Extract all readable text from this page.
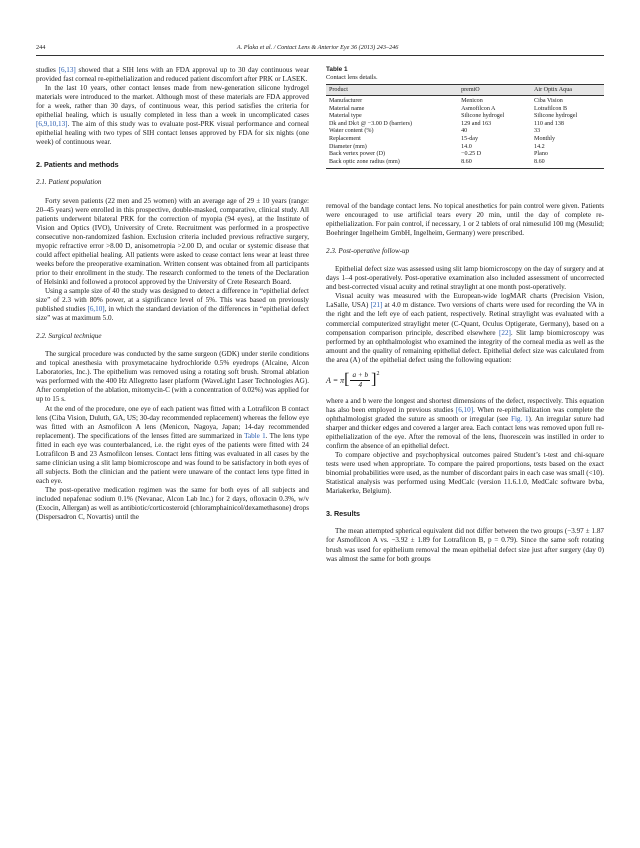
244	A. Plaka et al. / Contact Lens & Anterior Eye 36 (2013) 243–246

studies [6,13] showed that a SIH lens with an FDA approval up to 30 day continuous wear provided fast corneal re-epithelialization and reduced patient discomfort after PRK or LASEK.

In the last 10 years, other contact lenses made from new-generation silicone hydrogel materials were introduced to the market. Although most of these materials are FDA approved for a week, rather than 30 days, of continuous wear, this period satisfies the criteria for epithelial healing, which is usually completed in less than a week in uncomplicated cases [6,9,10,13]. The aim of this study was to evaluate post-PRK visual performance and corneal epithelial healing with two types of SIH contact lenses approved by FDA for six nights (one week) of continuous wear.

2. Patients and methods

2.1. Patient population

Forty seven patients (22 men and 25 women) with an average age of 29 ± 10 years (range: 20–45 years) were enrolled in this prospective, double-masked, comparative, clinical study. All patients underwent bilateral PRK for the correction of myopia (94 eyes), at the Institute of Vision and Optics (IVO), University of Crete. Recruitment was performed in a prospective consecutive non-randomized fashion. Exclusion criteria included previous refractive surgery, myopic refractive error >8.00 D, anisometropia >2.00 D, and ocular or systemic disease that could affect epithelial healing. All patients were asked to cease contact lens wear at least three weeks before the preoperative examination. Written consent was obtained from all participants prior to their enrollment in the study. The research conformed to the tenets of the Declaration of Helsinki and followed a protocol approved by the University of Crete Research Board.

Using a sample size of 40 the study was designed to detect a difference in “epithelial defect size” of 2.3 with 80% power, at a significance level of 5%. This was based on previously published studies [6,10], in which the standard deviation of the differences in “epithelial defect size” was at maximum 5.0.

2.2. Surgical technique

The surgical procedure was conducted by the same surgeon (GDK) under sterile conditions and topical anesthesia with proxymetacaine hydrochloride 0.5% eyedrops (Alcaine, Alcon Laboratories, Inc.). The epithelium was removed using a rotating soft brush. Stromal ablation was performed with the 400 Hz Allegretto laser platform (WaveLight Laser Technologies AG). After completion of the ablation, mitomycin-C (with a concentration of 0.02%) was applied for up to 15 s.

At the end of the procedure, one eye of each patient was fitted with a Lotrafilcon B contact lens (Ciba Vision, Duluth, GA, US; 30-day recommended replacement) whereas the fellow eye was fitted with an Asmofilcon A lens (Menicon, Nagoya, Japan; 14-day recommended replacement). The specifications of the lenses fitted are summarized in Table 1. The lens type fitted in each eye was counterbalanced, i.e. the right eyes of the patients were fitted with 24 Lotrafilcon B and 23 Asmofilcon lenses. Contact lens fitting was evaluated in all cases by the same clinician using a slit lamp biomicroscope and was found to be satisfactory in both eyes of all subjects. Both the clinician and the patient were unaware of the contact lens type fitted in each eye.

The post-operative medication regimen was the same for both eyes of all subjects and included nepafenac sodium 0.1% (Nevanac, Alcon Lab Inc.) for 2 days, ofloxacin 0.3%, w/v (Exocin, Allergan) as well as antibiotic/corticosteroid (chloramphainicol/dexamethasone) drops (Dispersadron C, Novartis) until the

Table 1
Contact lens details.
Product	premiO	Air Optix Aqua
Manufacturer	Menicon	Ciba Vision
Material name	Asmofilcon A	Lotrafilcon B
Material type	Silicone hydrogel	Silicone hydrogel
Dk and Dk/t @ −3.00 D (barriers)	129 and 163	110 and 138
Water content (%)	40	33
Replacement	15-day	Monthly
Diameter (mm)	14.0	14.2
Back vertex power (D)	−0.25 D	Plano
Back optic zone radius (mm)	8.60	8.60

removal of the bandage contact lens. No topical anesthetics for pain control were given. Patients were encouraged to use artificial tears every 20 min, until the day of complete re-epithelialization. For pain control, if necessary, 1 or 2 tablets of oral nimesulid 100 mg (Mesulid; Boehringer Ingelheim GmbH, Ingelheim, Germany) were prescribed.

2.3. Post-operative follow-up

Epithelial defect size was assessed using slit lamp biomicroscopy on the day of surgery and at days 1–4 post-operatively. Post-operative examination also included assessment of uncorrected and best-corrected visual acuity and retinal straylight at one month post-operatively.

Visual acuity was measured with the European-wide logMAR charts (Precision Vision, LaSalle, USA) [21] at 4.0 m distance. Two versions of charts were used for recording the VA in the right and the left eye of each patient, respectively. Retinal straylight was evaluated with a commercial computerized straylight meter (C-Quant, Oculus Optigerate, Germany), based on a compensation comparison principle, described elsewhere [22]. Slit lamp biomicroscopy was performed by an ophthalmologist who examined the integrity of the corneal media as well as the amount and the quality of remaining epithelial defect. Epithelial defect size was calculated from the area (A) of the epithelial defect using the following equation:

A = π [ $\frac{a + b}{4} ]^2$

where a and b were the longest and shortest dimensions of the defect, respectively. This equation has also been employed in previous studies [6,10]. When re-epithelialization was complete the ophthalmologist graded the suture as smooth or irregular (see Fig. 1). An irregular suture had sharper and thicker edges and covered a larger area. Each contact lens was removed upon full re-epithelialization of the eye. After the removal of the lens, fluorescein was instilled in order to confirm the absence of an epithelial defect.

To compare objective and psychophysical outcomes paired Student’s t-test and chi-square tests were used when appropriate. To compare the paired proportions, tests based on the exact binomial probabilities were used, as the number of discordant pairs in each case was small (<10). Statistical analysis was performed using MedCalc (version 11.6.1.0, MedCalc software bvba, Mariakerke, Belgium).

3. Results

The mean attempted spherical equivalent did not differ between the two groups (−3.97 ± 1.87 for Asmofilcon A vs. −3.92 ± 1.89 for Lotrafilcon B, p = 0.79). Since the same soft rotating brush was used for epithelium removal the mean epithelial defect size just after surgery (day 0) was almost the same for both groups
